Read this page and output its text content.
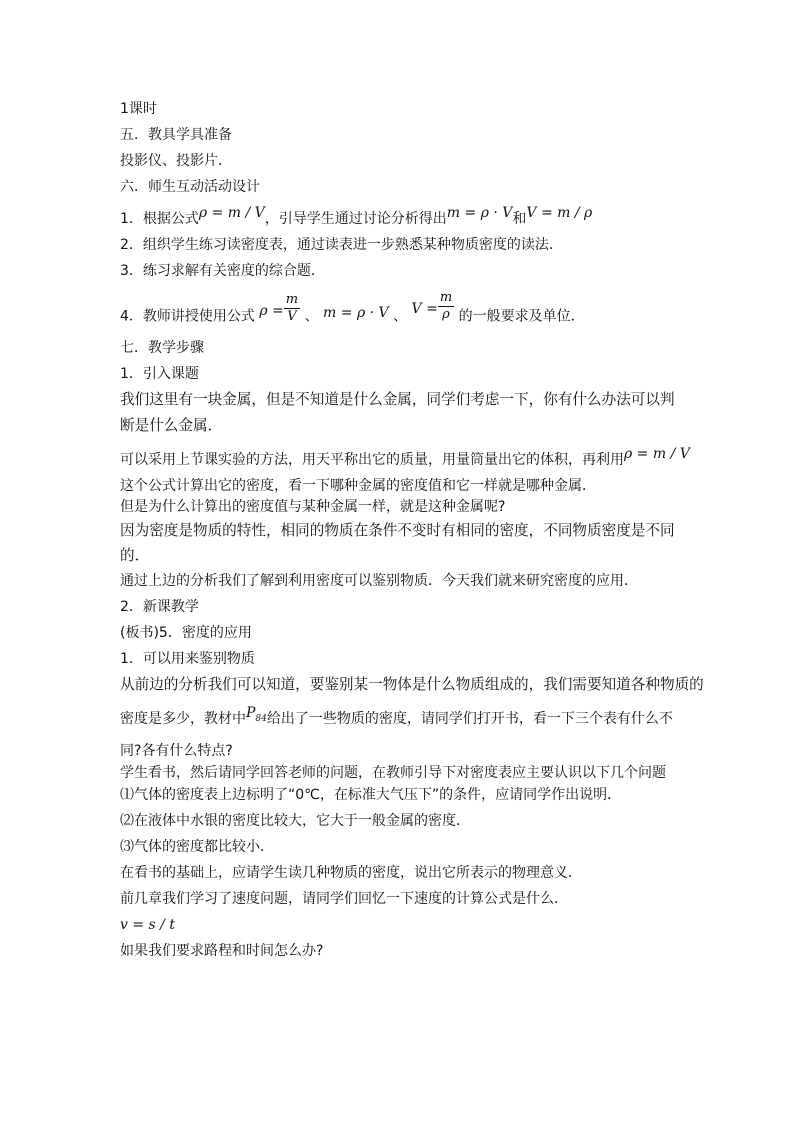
1课时
五．教具学具准备
投影仪、投影片．
六．师生互动活动设计
1．根据公式ρ = m / V，引导学生通过讨论分析得出m = ρ · V和V = m / ρ
2．组织学生练习读密度表，通过读表进一步熟悉某种物质密度的读法．
3．练习求解有关密度的综合题．
4．教师讲授使用公式 $\rho = \frac{m}{V}$ 、 m = ρ · V 、 $V = \frac{m}{\rho}$ 的一般要求及单位．
七．教学步骤
1．引入课题
我们这里有一块金属，但是不知道是什么金属，同学们考虑一下，你有什么办法可以判断是什么金属．
可以采用上节课实验的方法，用天平称出它的质量，用量筒量出它的体积，再利用ρ = m / V
这个公式计算出它的密度，看一下哪种金属的密度值和它一样就是哪种金属．
但是为什么计算出的密度值与某种金属一样，就是这种金属呢?
因为密度是物质的特性，相同的物质在条件不变时有相同的密度，不同物质密度是不同的．
通过上边的分析我们了解到利用密度可以鉴别物质．今天我们就来研究密度的应用．
2．新课教学
(板书)5．密度的应用
1．可以用来鉴别物质
从前边的分析我们可以知道，要鉴别某一物体是什么物质组成的，我们需要知道各种物质的
密度是多少，教材中$P_{84}$给出了一些物质的密度，请同学们打开书，看一下三个表有什么不
同?各有什么特点?
学生看书，然后请同学回答老师的问题，在教师引导下对密度表应主要认识以下几个问题
⑴气体的密度表上边标明了“0℃，在标准大气压下”的条件，应请同学作出说明．
⑵在液体中水银的密度比较大，它大于一般金属的密度．
⑶气体的密度都比较小．
在看书的基础上，应请学生读几种物质的密度，说出它所表示的物理意义．
前几章我们学习了速度问题，请同学们回忆一下速度的计算公式是什么．
v = s / t
如果我们要求路程和时间怎么办?
